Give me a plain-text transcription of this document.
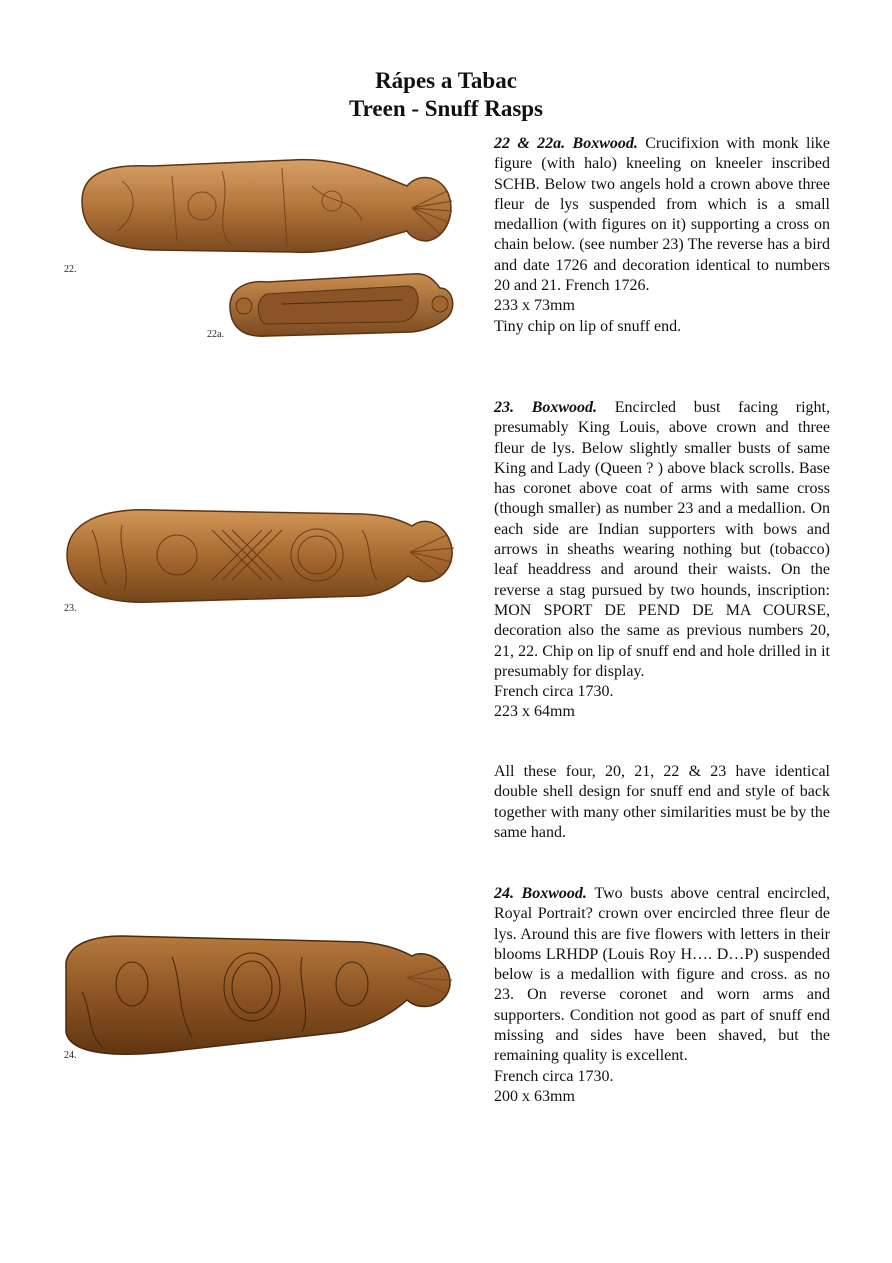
Rápes a Tabac
Treen - Snuff Rasps
22.
22a.
23.
24.
22 & 22a. Boxwood. Crucifixion with monk like figure (with halo) kneeling on kneeler inscribed SCHB. Below two angels hold a crown above three fleur de lys suspended from which is a small medallion (with figures on it) supporting a cross on chain below. (see number 23) The reverse has a bird and date 1726 and decoration identical to numbers 20 and 21. French 1726.
233 x 73mm
Tiny chip on lip of snuff end.
23. Boxwood. Encircled bust facing right, presumably King Louis, above crown and three fleur de lys. Below slightly smaller busts of same King and Lady (Queen ? ) above black scrolls. Base has coronet above coat of arms with same cross (though smaller) as number 23 and a medallion. On each side are Indian supporters with bows and arrows in sheaths wearing nothing but (tobacco) leaf headdress and around their waists. On the reverse a stag pursued by two hounds, inscription: MON SPORT DE PEND DE MA COURSE, decoration also the same as previous numbers 20, 21, 22. Chip on lip of snuff end and hole drilled in it presumably for display.
French circa 1730.
223 x 64mm
All these four, 20, 21, 22 & 23 have identical double shell design for snuff end and style of back together with many other similarities must be by the same hand.
24. Boxwood. Two busts above central encircled, Royal Portrait? crown over encircled three fleur de lys. Around this are five flowers with letters in their blooms LRHDP (Louis Roy H…. D…P) suspended below is a medallion with figure and cross. as no 23. On reverse coronet and worn arms and supporters. Condition not good as part of snuff end missing and sides have been shaved, but the remaining quality is excellent.
French circa 1730.
200 x 63mm
